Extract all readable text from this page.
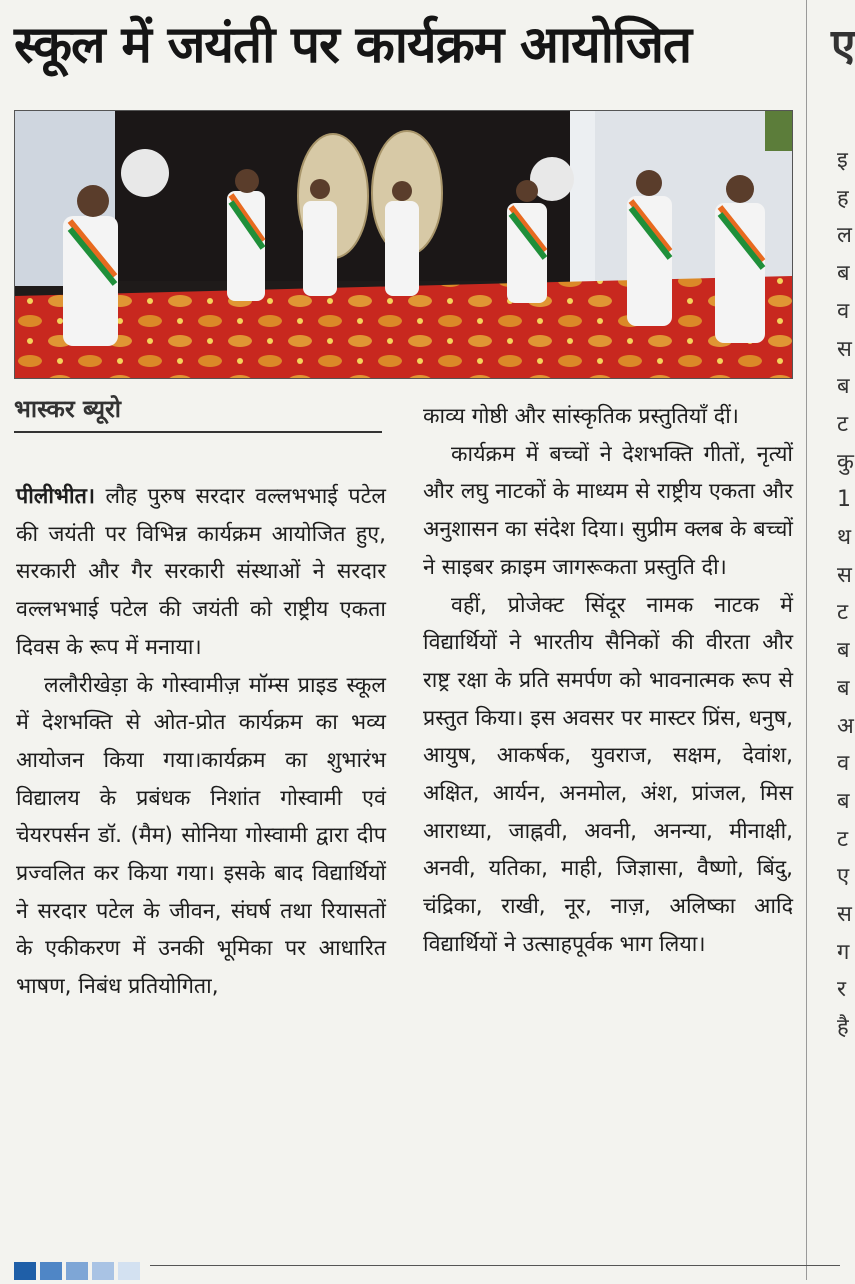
स्कूल में जयंती पर कार्यक्रम आयोजित
भास्कर ब्यूरो

पीलीभीत। लौह पुरुष सरदार वल्लभभाई पटेल की जयंती पर विभिन्न कार्यक्रम आयोजित हुए, सरकारी और गैर सरकारी संस्थाओं ने सरदार वल्लभभाई पटेल की जयंती को राष्ट्रीय एकता दिवस के रूप में मनाया।

ललौरीखेड़ा के गोस्वामीज़ मॉम्स प्राइड स्कूल में देशभक्ति से ओत-प्रोत कार्यक्रम का भव्य आयोजन किया गया।कार्यक्रम का शुभारंभ विद्यालय के प्रबंधक निशांत गोस्वामी एवं चेयरपर्सन डॉ. (मैम) सोनिया गोस्वामी द्वारा दीप प्रज्वलित कर किया गया। इसके बाद विद्यार्थियों ने सरदार पटेल के जीवन, संघर्ष तथा रियासतों के एकीकरण में उनकी भूमिका पर आधारित भाषण, निबंध प्रतियोगिता,

काव्य गोष्ठी और सांस्कृतिक प्रस्तुतियाँ दीं।

कार्यक्रम में बच्चों ने देशभक्ति गीतों, नृत्यों और लघु नाटकों के माध्यम से राष्ट्रीय एकता और अनुशासन का संदेश दिया। सुप्रीम क्लब के बच्चों ने साइबर क्राइम जागरूकता प्रस्तुति दी।

वहीं, प्रोजेक्ट सिंदूर नामक नाटक में विद्यार्थियों ने भारतीय सैनिकों की वीरता और राष्ट्र रक्षा के प्रति समर्पण को भावनात्मक रूप से प्रस्तुत किया। इस अवसर पर मास्टर प्रिंस, धनुष, आयुष, आकर्षक, युवराज, सक्षम, देवांश, अक्षित, आर्यन, अनमोल, अंश, प्रांजल, मिस आराध्या, जाह्नवी, अवनी, अनन्या, मीनाक्षी, अनवी, यतिका, माही, जिज्ञासा, वैष्णो, बिंदु, चंद्रिका, राखी, नूर, नाज़, अलिष्का आदि विद्यार्थियों ने उत्साहपूर्वक भाग लिया।

ए
इ ह ल ब व स ब ट कु 1 थ स ट ब ब अ व ब ट ए स ग र है
